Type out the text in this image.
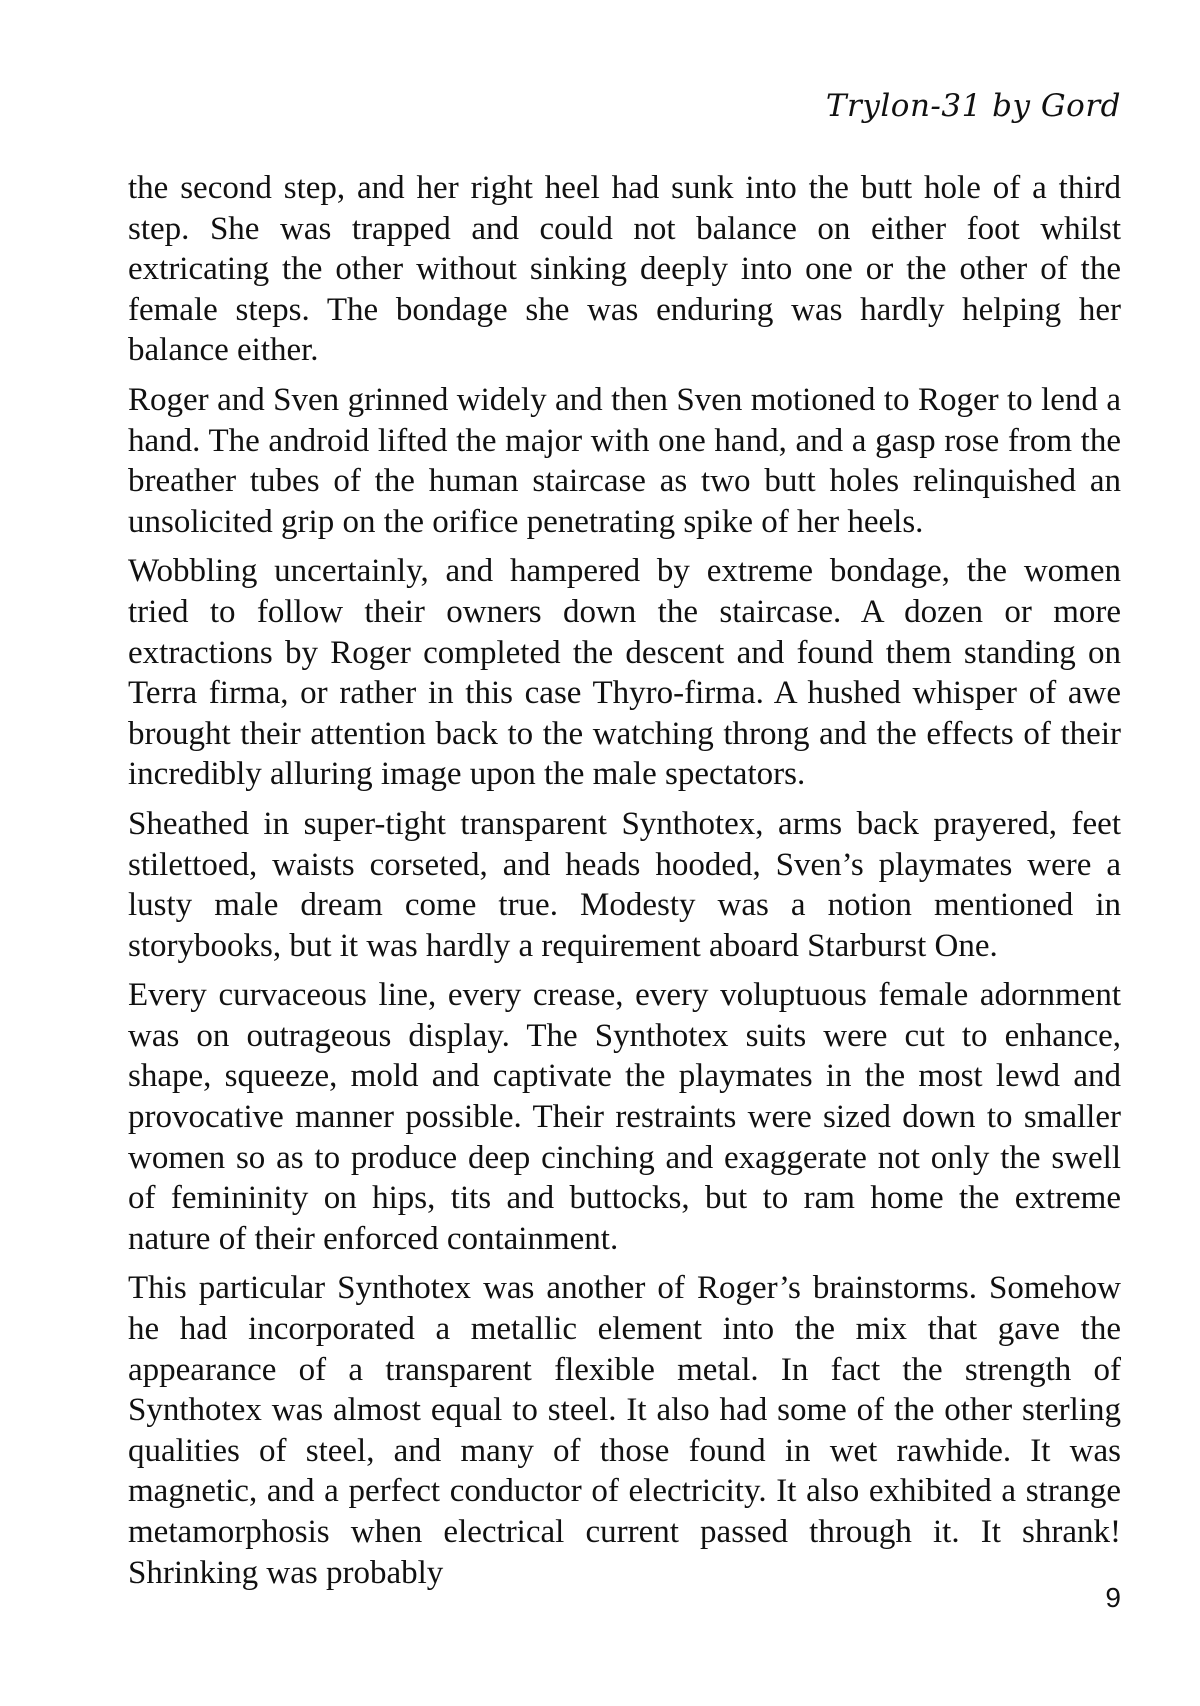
Trylon-31 by Gord

the second step, and her right heel had sunk into the butt hole of a third step. She was trapped and could not balance on either foot whilst extricating the other without sinking deeply into one or the other of the female steps. The bondage she was enduring was hardly helping her balance either.

Roger and Sven grinned widely and then Sven motioned to Roger to lend a hand. The android lifted the major with one hand, and a gasp rose from the breather tubes of the human staircase as two butt holes relinquished an unsolicited grip on the orifice penetrating spike of her heels.

Wobbling uncertainly, and hampered by extreme bondage, the women tried to follow their owners down the staircase. A dozen or more extractions by Roger completed the descent and found them standing on Terra firma, or rather in this case Thyro-firma. A hushed whisper of awe brought their attention back to the watching throng and the effects of their incredibly alluring image upon the male spectators.

Sheathed in super-tight transparent Synthotex, arms back prayered, feet stilettoed, waists corseted, and heads hooded, Sven’s playmates were a lusty male dream come true. Modesty was a notion mentioned in storybooks, but it was hardly a requirement aboard Starburst One.

Every curvaceous line, every crease, every voluptuous female adornment was on outrageous display. The Synthotex suits were cut to enhance, shape, squeeze, mold and captivate the playmates in the most lewd and provocative manner possible. Their restraints were sized down to smaller women so as to produce deep cinching and exaggerate not only the swell of femininity on hips, tits and buttocks, but to ram home the extreme nature of their enforced containment.

This particular Synthotex was another of Roger’s brainstorms. Somehow he had incorporated a metallic element into the mix that gave the appearance of a transparent flexible metal. In fact the strength of Synthotex was almost equal to steel. It also had some of the other sterling qualities of steel, and many of those found in wet rawhide. It was magnetic, and a perfect conductor of electricity. It also exhibited a strange metamorphosis when electrical current passed through it. It shrank! Shrinking was probably

9
